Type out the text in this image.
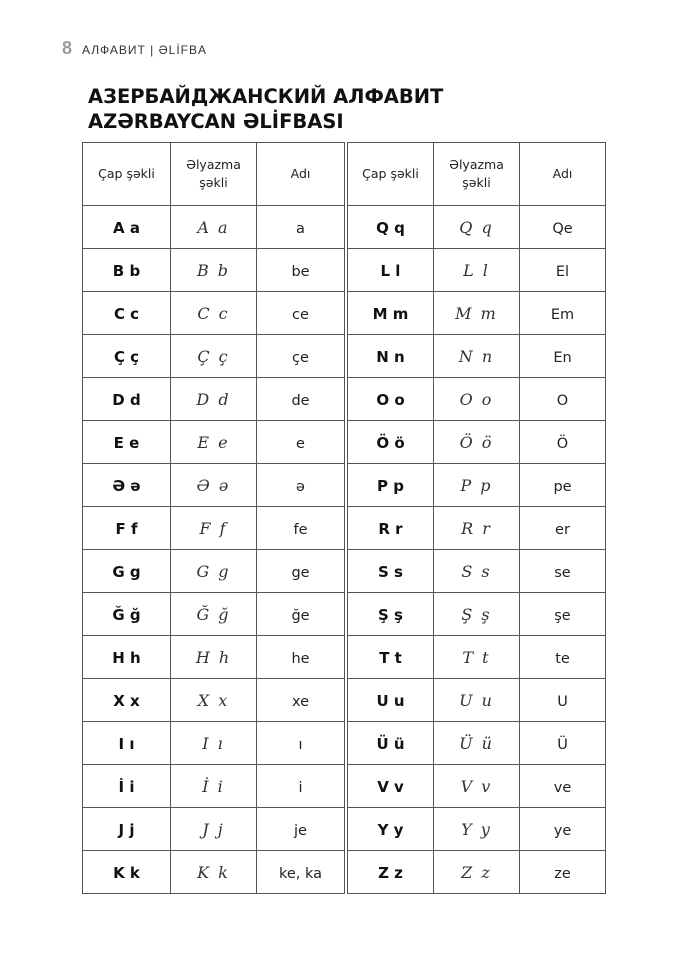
8 АЛФАВИТ | ƏLİFBA
АЗЕРБАЙДЖАНСКИЙ АЛФАВИТ
AZƏRBAYCAN ƏLİFBASI
Çap şəkli	Əlyazma şəkli	Adı		Çap şəkli	Əlyazma şəkli	Adı
A a	A a	a		Q q	Q q	Qe
B b	B b	be		L l	L l	El
C c	C c	ce		M m	M m	Em
Ç ç	Ç ç	çe		N n	N n	En
D d	D d	de		O o	O o	O
E e	E e	e		Ö ö	Ö ö	Ö
Ə ə	Ə ə	ə		P p	P p	pe
F f	F f	fe		R r	R r	er
G g	G g	ge		S s	S s	se
Ğ ğ	Ğ ğ	ğe		Ş ş	Ş ş	şe
H h	H h	he		T t	T t	te
X x	X x	xe		U u	U u	U
I ı	I ı	ı		Ü ü	Ü ü	Ü
İ i	İ i	i		V v	V v	ve
J j	J j	je		Y y	Y y	ye
K k	K k	ke, ka		Z z	Z z	ze
